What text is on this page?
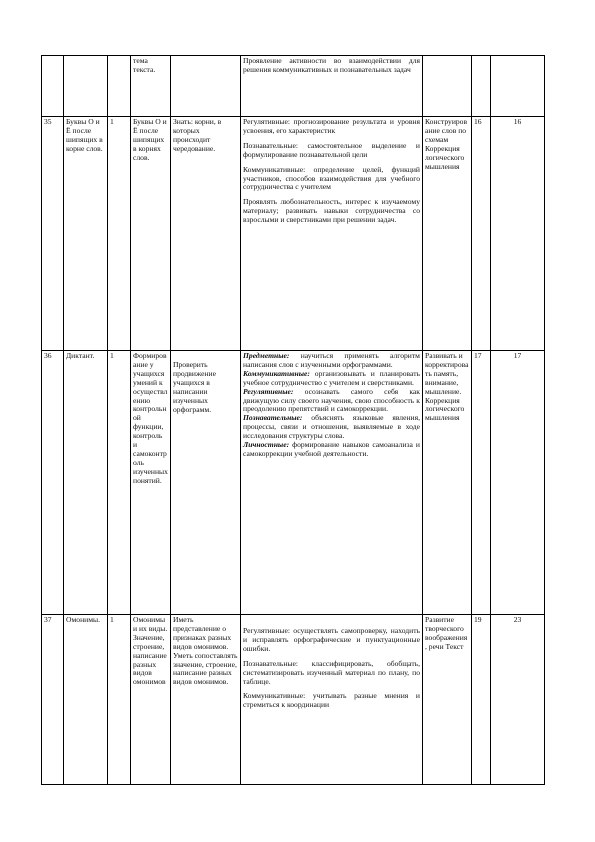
			тема текста.		Проявление активности во взаимодействии для решения коммуникативных и познавательных задач			

35	Буквы О и Ё после шипящих в корне слов.	1	Буквы О и Ё после шипящих в корнях слов.	Знать: корни, в которых происходит чередование.	Регулятивные: прогнозирование результата и уровня усвоения, его характеристик

Познавательные: самостоятельное выделение и формулирование познавательной цели

Коммуникативные: определение целей, функций участников, способов взаимодействия для учебного сотрудничества с учителем

Проявлять любознательность, интерес к изучаемому материалу; развивать навыки сотрудничества со взрослыми и сверстниками при решении задач.	Конструирование слов по схемам Коррекция логического мышления	16	16
36	Диктант.	1	Формирование у учащихся умений к осуществлению контрольной функции, контроль и самоконтроль изученных понятий.	Проверить продвижение учащихся в написании изученных орфограмм.	Предметные: научиться применять алгоритм написания слов с изученными орфограммами.
Коммуникативные: организовывать и планировать учебное сотрудничество с учителем и сверстниками.
Регулятивные: осознавать самого себя как движущую силу своего научения, свою способность к преодолению препятствий и самокоррекции.
Познавательные: объяснять языковые явления, процессы, связи и отношения, выявляемые в ходе исследования структуры слова.
Личностные: формирование навыков самоанализа и самокоррекции учебной деятельности.	Развивать и корректировать память, внимание, мышление. Коррекция логического мышления	17	17
37	Омонимы.	1	Омонимы и их виды. Значение, строение, написание разных видов омонимов	Иметь представление о признаках разных видов омонимов. Уметь сопоставлять значение, строение, написание разных видов омонимов.	Регулятивные: осуществлять самопроверку, находить и исправлять орфографические и пунктуационные ошибки.

Познавательные: классифицировать, обобщать, систематизировать изученный материал по плану, по таблице.

Коммуникативные: учитывать разные мнения и стремиться к координации	Развитие творческого воображения, речи Текст	19	23
